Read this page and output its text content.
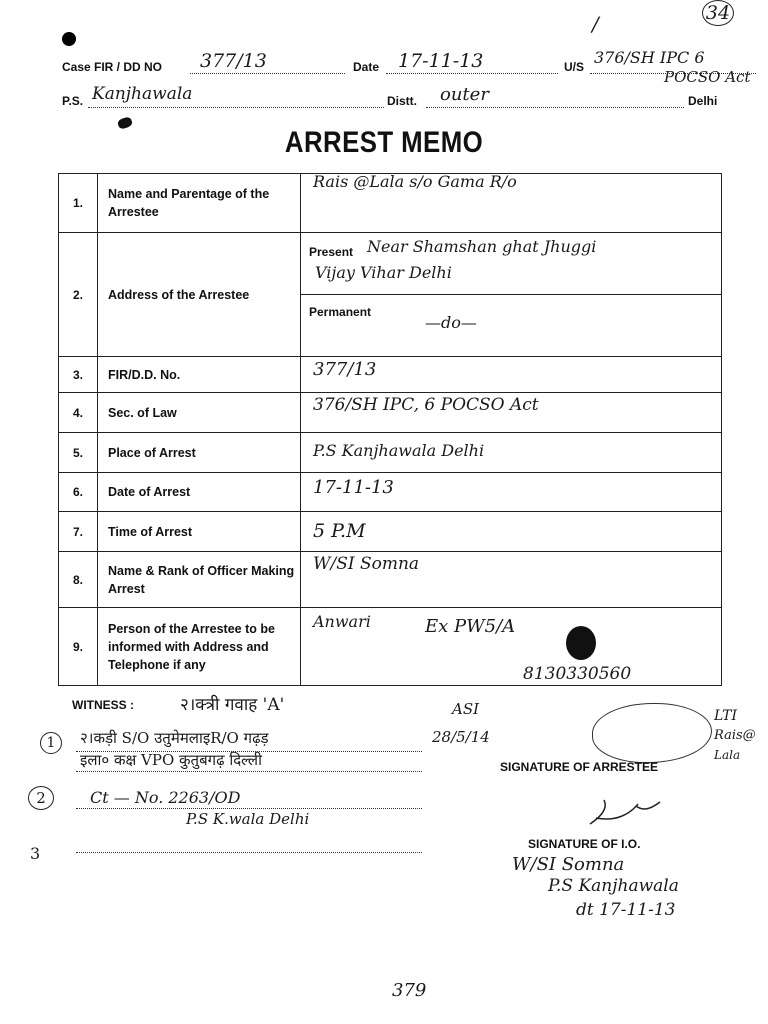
34
/
Case FIR / DD NO 377/13	Date 17-11-13	U/S 376/SH IPC 6
POCSO Act
P.S. Kanjhawala	Distt. outer	Delhi
ARREST MEMO
1.	Name and Parentage of the Arrestee	Rais @Lala s/o Gama R/o

2.	Address of the Arrestee	Present Near Shamshan ghat Jhuggi
Vijay Vihar Delhi
Permanent
—do—

3.	FIR/D.D. No.	377/13

4.	Sec. of Law	376/SH IPC, 6 POCSO Act

5.	Place of Arrest	P.S Kanjhawala Delhi

6.	Date of Arrest	17-11-13

7.	Time of Arrest	5 P.M

8.	Name & Rank of Officer Making Arrest	W/SI Somna

9.	Person of the Arrestee to be informed with Address and Telephone if any	Anwari Ex PW5/A
8130330560
WITNESS :	२।क्त्री गवाह 'A'	ASI
28/5/14
1	२।कड़ी S/O उतुमेमलाइR/O गढ़ड़
इला० कक्ष VPO कुतुबगढ़ दिल्ली
2	Ct — No. 2263/OD
P.S K.wala Delhi
3
SIGNATURE OF ARRESTEE
LTI
Rais@
Lala
SIGNATURE OF I.O.
W/SI Somna
P.S Kanjhawala
dt 17-11-13
379
